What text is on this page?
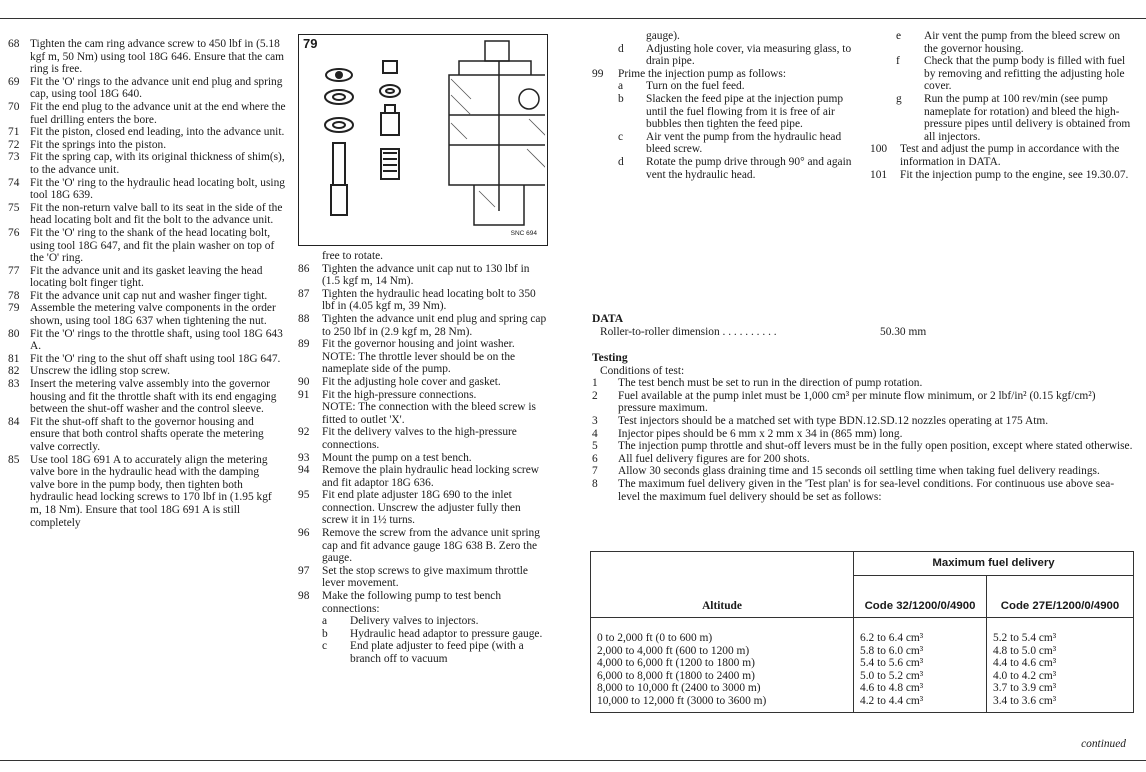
68 Tighten the cam ring advance screw to 450 lbf in (5.18 kgf m, 50 Nm) using tool 18G 646. Ensure that the cam ring is free.
69 Fit the 'O' rings to the advance unit end plug and spring cap, using tool 18G 640.
70 Fit the end plug to the advance unit at the end where the fuel drilling enters the bore.
71 Fit the piston, closed end leading, into the advance unit.
72 Fit the springs into the piston.
73 Fit the spring cap, with its original thickness of shim(s), to the advance unit.
74 Fit the 'O' ring to the hydraulic head locating bolt, using tool 18G 639.
75 Fit the non-return valve ball to its seat in the side of the head locating bolt and fit the bolt to the advance unit.
76 Fit the 'O' ring to the shank of the head locating bolt, using tool 18G 647, and fit the plain washer on top of the 'O' ring.
77 Fit the advance unit and its gasket leaving the head locating bolt finger tight.
78 Fit the advance unit cap nut and washer finger tight.
79 Assemble the metering valve components in the order shown, using tool 18G 637 when tightening the nut.
80 Fit the 'O' rings to the throttle shaft, using tool 18G 643 A.
81 Fit the 'O' ring to the shut off shaft using tool 18G 647.
82 Unscrew the idling stop screw.
83 Insert the metering valve assembly into the governor housing and fit the throttle shaft with its end engaging between the shut-off washer and the control sleeve.
84 Fit the shut-off shaft to the governor housing and ensure that both control shafts operate the metering valve correctly.
85 Use tool 18G 691 A to accurately align the metering valve bore in the hydraulic head with the damping valve bore in the pump body, then tighten both hydraulic head locking screws to 170 lbf in (1.95 kgf m, 18 Nm). Ensure that tool 18G 691 A is still completely
79
SNC 694
free to rotate.
86	Tighten the advance unit cap nut to 130 lbf in (1.5 kgf m, 14 Nm).
87	Tighten the hydraulic head locating bolt to 350 lbf in (4.05 kgf m, 39 Nm).
88	Tighten the advance unit end plug and spring cap to 250 lbf in (2.9 kgf m, 28 Nm).
89	Fit the governor housing and joint washer.
NOTE: The throttle lever should be on the nameplate side of the pump.
90	Fit the adjusting hole cover and gasket.
91	Fit the high-pressure connections.
NOTE: The connection with the bleed screw is fitted to outlet 'X'.
92	Fit the delivery valves to the high-pressure connections.
93	Mount the pump on a test bench.
94	Remove the plain hydraulic head locking screw and fit adaptor 18G 636.
95	Fit end plate adjuster 18G 690 to the inlet connection. Unscrew the adjuster fully then screw it in 1½ turns.
96	Remove the screw from the advance unit spring cap and fit advance gauge 18G 638 B. Zero the gauge.
97	Set the stop screws to give maximum throttle lever movement.
98	Make the following pump to test bench connections:
a	Delivery valves to injectors.
b	Hydraulic head adaptor to pressure gauge.
c	End plate adjuster to feed pipe (with a branch off to vacuum
gauge).
d	Adjusting hole cover, via measuring glass, to drain pipe.
99	Prime the injection pump as follows:
a	Turn on the fuel feed.
b	Slacken the feed pipe at the injection pump until the fuel flowing from it is free of air bubbles then tighten the feed pipe.
c	Air vent the pump from the hydraulic head bleed screw.
d	Rotate the pump drive through 90° and again vent the hydraulic head.
e	Air vent the pump from the bleed screw on the governor housing.
f	Check that the pump body is filled with fuel by removing and refitting the adjusting hole cover.
g	Run the pump at 100 rev/min (see pump nameplate for rotation) and bleed the high-pressure pipes until delivery is obtained from all injectors.
100	Test and adjust the pump in accordance with the information in DATA.
101	Fit the injection pump to the engine, see 19.30.07.
DATA
Roller-to-roller dimension . . . . . . . . . .	50.30 mm
Testing
Conditions of test:
1	The test bench must be set to run in the direction of pump rotation.
2	Fuel available at the pump inlet must be 1,000 cm³ per minute flow minimum, or 2 lbf/in² (0.15 kgf/cm²) pressure maximum.
3	Test injectors should be a matched set with type BDN.12.SD.12 nozzles operating at 175 Atm.
4	Injector pipes should be 6 mm x 2 mm x 34 in (865 mm) long.
5	The injection pump throttle and shut-off levers must be in the fully open position, except where stated otherwise.
6	All fuel delivery figures are for 200 shots.
7	Allow 30 seconds glass draining time and 15 seconds oil settling time when taking fuel delivery readings.
8	The maximum fuel delivery given in the 'Test plan' is for sea-level conditions. For continuous use above sea-level the maximum fuel delivery should be set as follows:
Altitude	Maximum fuel delivery	
	Code 32/1200/0/4900	Code 27E/1200/0/4900
0 to 2,000 ft (0 to 600 m)	6.2 to 6.4 cm³	5.2 to 5.4 cm³
2,000 to 4,000 ft (600 to 1200 m)	5.8 to 6.0 cm³	4.8 to 5.0 cm³
4,000 to 6,000 ft (1200 to 1800 m)	5.4 to 5.6 cm³	4.4 to 4.6 cm³
6,000 to 8,000 ft (1800 to 2400 m)	5.0 to 5.2 cm³	4.0 to 4.2 cm³
8,000 to 10,000 ft (2400 to 3000 m)	4.6 to 4.8 cm³	3.7 to 3.9 cm³
10,000 to 12,000 ft (3000 to 3600 m)	4.2 to 4.4 cm³	3.4 to 3.6 cm³
continued
